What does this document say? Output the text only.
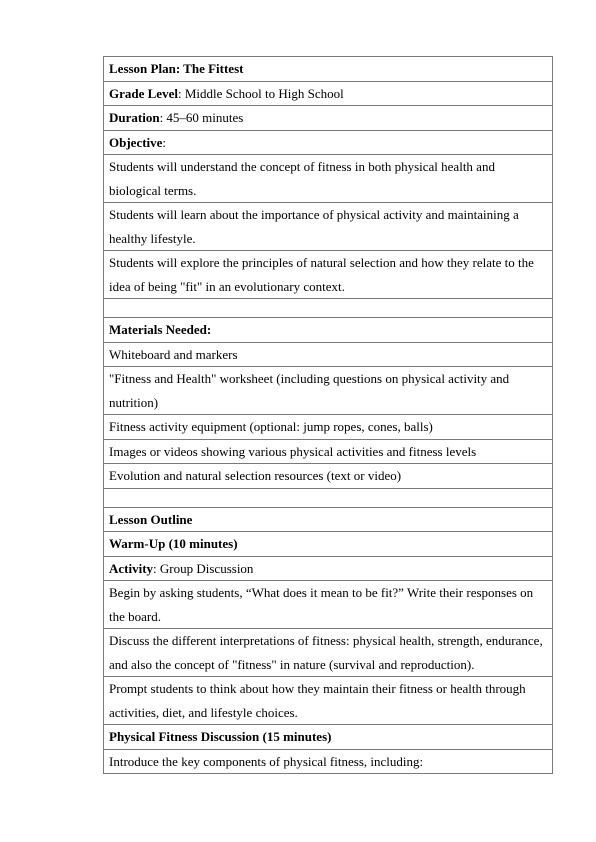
Lesson Plan: The Fittest
Grade Level: Middle School to High School
Duration: 45–60 minutes
Objective:
Students will understand the concept of fitness in both physical health and biological terms.
Students will learn about the importance of physical activity and maintaining a healthy lifestyle.
Students will explore the principles of natural selection and how they relate to the idea of being "fit" in an evolutionary context.

Materials Needed:
Whiteboard and markers
"Fitness and Health" worksheet (including questions on physical activity and nutrition)
Fitness activity equipment (optional: jump ropes, cones, balls)
Images or videos showing various physical activities and fitness levels
Evolution and natural selection resources (text or video)

Lesson Outline
Warm-Up (10 minutes)
Activity: Group Discussion
Begin by asking students, “What does it mean to be fit?” Write their responses on the board.
Discuss the different interpretations of fitness: physical health, strength, endurance, and also the concept of "fitness" in nature (survival and reproduction).
Prompt students to think about how they maintain their fitness or health through activities, diet, and lifestyle choices.
Physical Fitness Discussion (15 minutes)
Introduce the key components of physical fitness, including:
